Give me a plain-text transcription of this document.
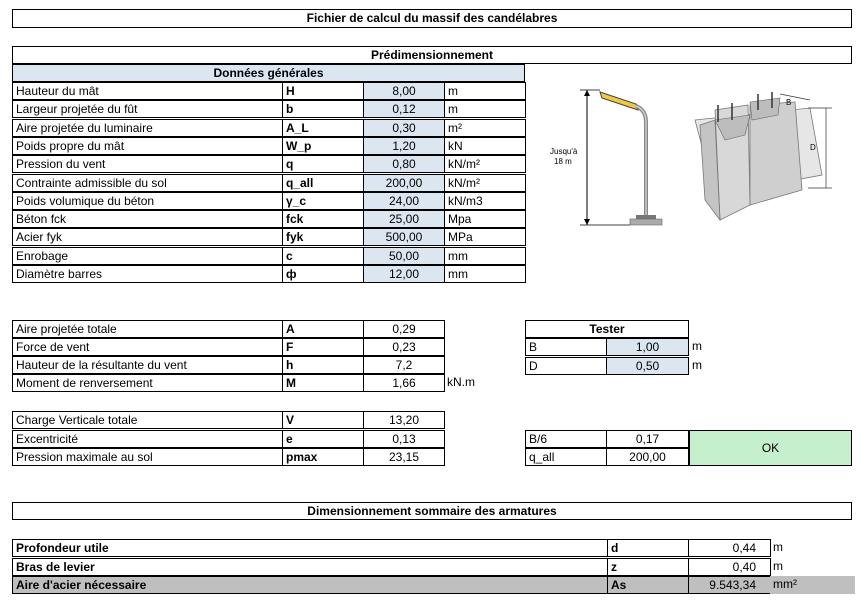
Fichier de calcul du massif des candélabres
Prédimensionnement
Données générales
Hauteur du mât	H	8,00	m
Largeur projetée du fût	b	0,12	m
Aire projetée du luminaire	A_L	0,30	m²
Poids propre du mât	W_p	1,20	kN
Pression du vent	q	0,80	kN/m²
Contrainte admissible du sol	q_all	200,00	kN/m²
Poids volumique du béton	γ_c	24,00	kN/m3
Béton fck	fck	25,00	Mpa
Acier fyk	fyk	500,00	MPa
Enrobage	c	50,00	mm
Diamètre barres	ф	12,00	mm
Jusqu'à
18 m
B
D
Aire projetée totale	A	0,29
Force de vent	F	0,23
Hauteur de la résultante du vent	h	7,2
Moment de renversement	M	1,66	kN.m
Tester
B	1,00	m
D	0,50	m
Charge Verticale totale	V	13,20
Excentricité	e	0,13
Pression maximale au sol	pmax	23,15
B/6	0,17
q_all	200,00
OK
Dimensionnement sommaire des armatures
Profondeur utile	d	0,44	m
Bras de levier	z	0,40	m
Aire d'acier nécessaire	As	9.543,34	mm²
